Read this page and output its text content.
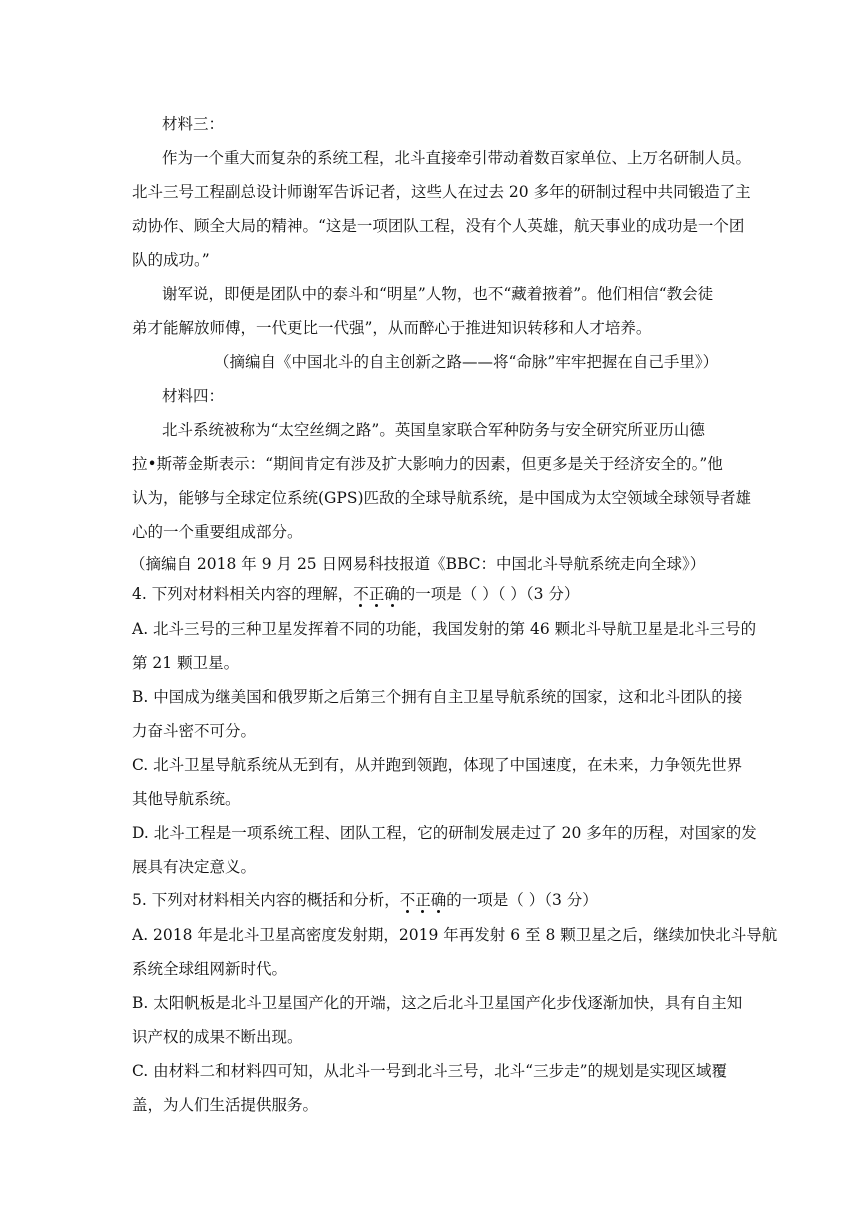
材料三：
作为一个重大而复杂的系统工程，北斗直接牵引带动着数百家单位、上万名研制人员。
北斗三号工程副总设计师谢军告诉记者，这些人在过去 20 多年的研制过程中共同锻造了主
动协作、顾全大局的精神。“这是一项团队工程，没有个人英雄，航天事业的成功是一个团
队的成功。”
谢军说，即便是团队中的泰斗和“明星”人物，也不“藏着掖着”。他们相信“教会徒
弟才能解放师傅，一代更比一代强”，从而醉心于推进知识转移和人才培养。
（摘编自《中国北斗的自主创新之路——将“命脉”牢牢把握在自己手里》）
材料四：
北斗系统被称为“太空丝绸之路”。英国皇家联合军种防务与安全研究所亚历山德
拉•斯蒂金斯表示：“期间肯定有涉及扩大影响力的因素，但更多是关于经济安全的。”他
认为，能够与全球定位系统(GPS)匹敌的全球导航系统，是中国成为太空领域全球领导者雄
心的一个重要组成部分。
（摘编自 2018 年 9 月 25 日网易科技报道《BBC：中国北斗导航系统走向全球》）
4. 下列对材料相关内容的理解，不正确的一项是（ ）（ ）（3 分）
A. 北斗三号的三种卫星发挥着不同的功能，我国发射的第 46 颗北斗导航卫星是北斗三号的
第 21 颗卫星。
B. 中国成为继美国和俄罗斯之后第三个拥有自主卫星导航系统的国家，这和北斗团队的接
力奋斗密不可分。
C. 北斗卫星导航系统从无到有，从并跑到领跑，体现了中国速度，在未来，力争领先世界
其他导航系统。
D. 北斗工程是一项系统工程、团队工程，它的研制发展走过了 20 多年的历程，对国家的发
展具有决定意义。
5. 下列对材料相关内容的概括和分析，不正确的一项是（ ）（3 分）
A. 2018 年是北斗卫星高密度发射期，2019 年再发射 6 至 8 颗卫星之后，继续加快北斗导航
系统全球组网新时代。
B. 太阳帆板是北斗卫星国产化的开端，这之后北斗卫星国产化步伐逐渐加快，具有自主知
识产权的成果不断出现。
C. 由材料二和材料四可知，从北斗一号到北斗三号，北斗“三步走”的规划是实现区域覆
盖，为人们生活提供服务。
